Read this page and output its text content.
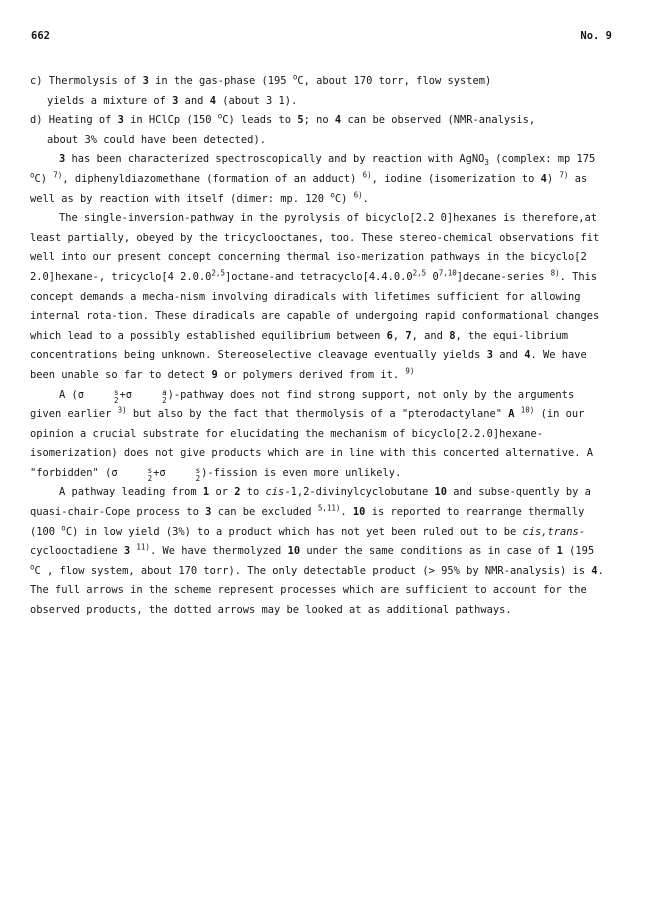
662	No. 9

c) Thermolysis of 3 in the gas-phase (195 $^o$C, about 170 torr, flow system)
yields a mixture of 3 and 4 (about 3 1).

d) Heating of 3 in HClCp (150 $^o$C) leads to 5; no 4 can be observed (NMR-analysis,
about 3% could have been detected).

3 has been characterized spectroscopically and by reaction with AgNO$_3$ (complex: mp 175 $^o$C) $^{7)}$, diphenyldiazomethane (formation of an adduct) $^{6)}$, iodine (isomerization to 4) $^{7)}$ as well as by reaction with itself (dimer: mp. 120 $^o$C) $^{6)}$.

The single-inversion-pathway in the pyrolysis of bicyclo[2.2 0]hexanes is therefore,at least partially, obeyed by the tricyclooctanes, too. These stereo-chemical observations fit well into our present concept concerning thermal iso-merization pathways in the bicyclo[2 2.0]hexane-, tricyclo[4 2.0.0$^{2,5}$]octane-and tetracyclo[4.4.0.0$^{2,5}$ 0$^{7,10}$]decane-series $^{8)}$. This concept demands a mecha-nism involving diradicals with lifetimes sufficient for allowing internal rota-tion. These diradicals are capable of undergoing rapid conformational changes which lead to a possibly established equilibrium between 6, 7, and 8, the equi-librium concentrations being unknown. Stereoselective cleavage eventually yields 3 and 4. We have been unable so far to detect 9 or polymers derived from it. $^{9)}$

A (σ	s
2 +σ	a
2 )-pathway does not find strong support, not only by the arguments given earlier $^{3)}$ but also by the fact that thermolysis of a "pterodactylane" A $^{10)}$ (in our opinion a crucial substrate for elucidating the mechanism of bicyclo[2.2.0]hexane-isomerization) does not give products which are in line with this concerted alternative. A "forbidden" (σ	s
2 +σ	s
2 )-fission is even more unlikely.

A pathway leading from 1 or 2 to cis-1,2-divinylcyclobutane 10 and subse-quently by a quasi-chair-Cope process to 3 can be excluded $^{5,11)}$. 10 is reported to rearrange thermally (100 $^o$C) in low yield (3%) to a product which has not yet been ruled out to be cis,trans-cyclooctadiene 3 $^{11)}$. We have thermolyzed 10 under the same conditions as in case of 1 (195 $^o$C , flow system, about 170 torr). The only detectable product (> 95% by NMR-analysis) is 4. The full arrows in the scheme represent processes which are sufficient to account for the observed products, the dotted arrows may be looked at as additional pathways.
